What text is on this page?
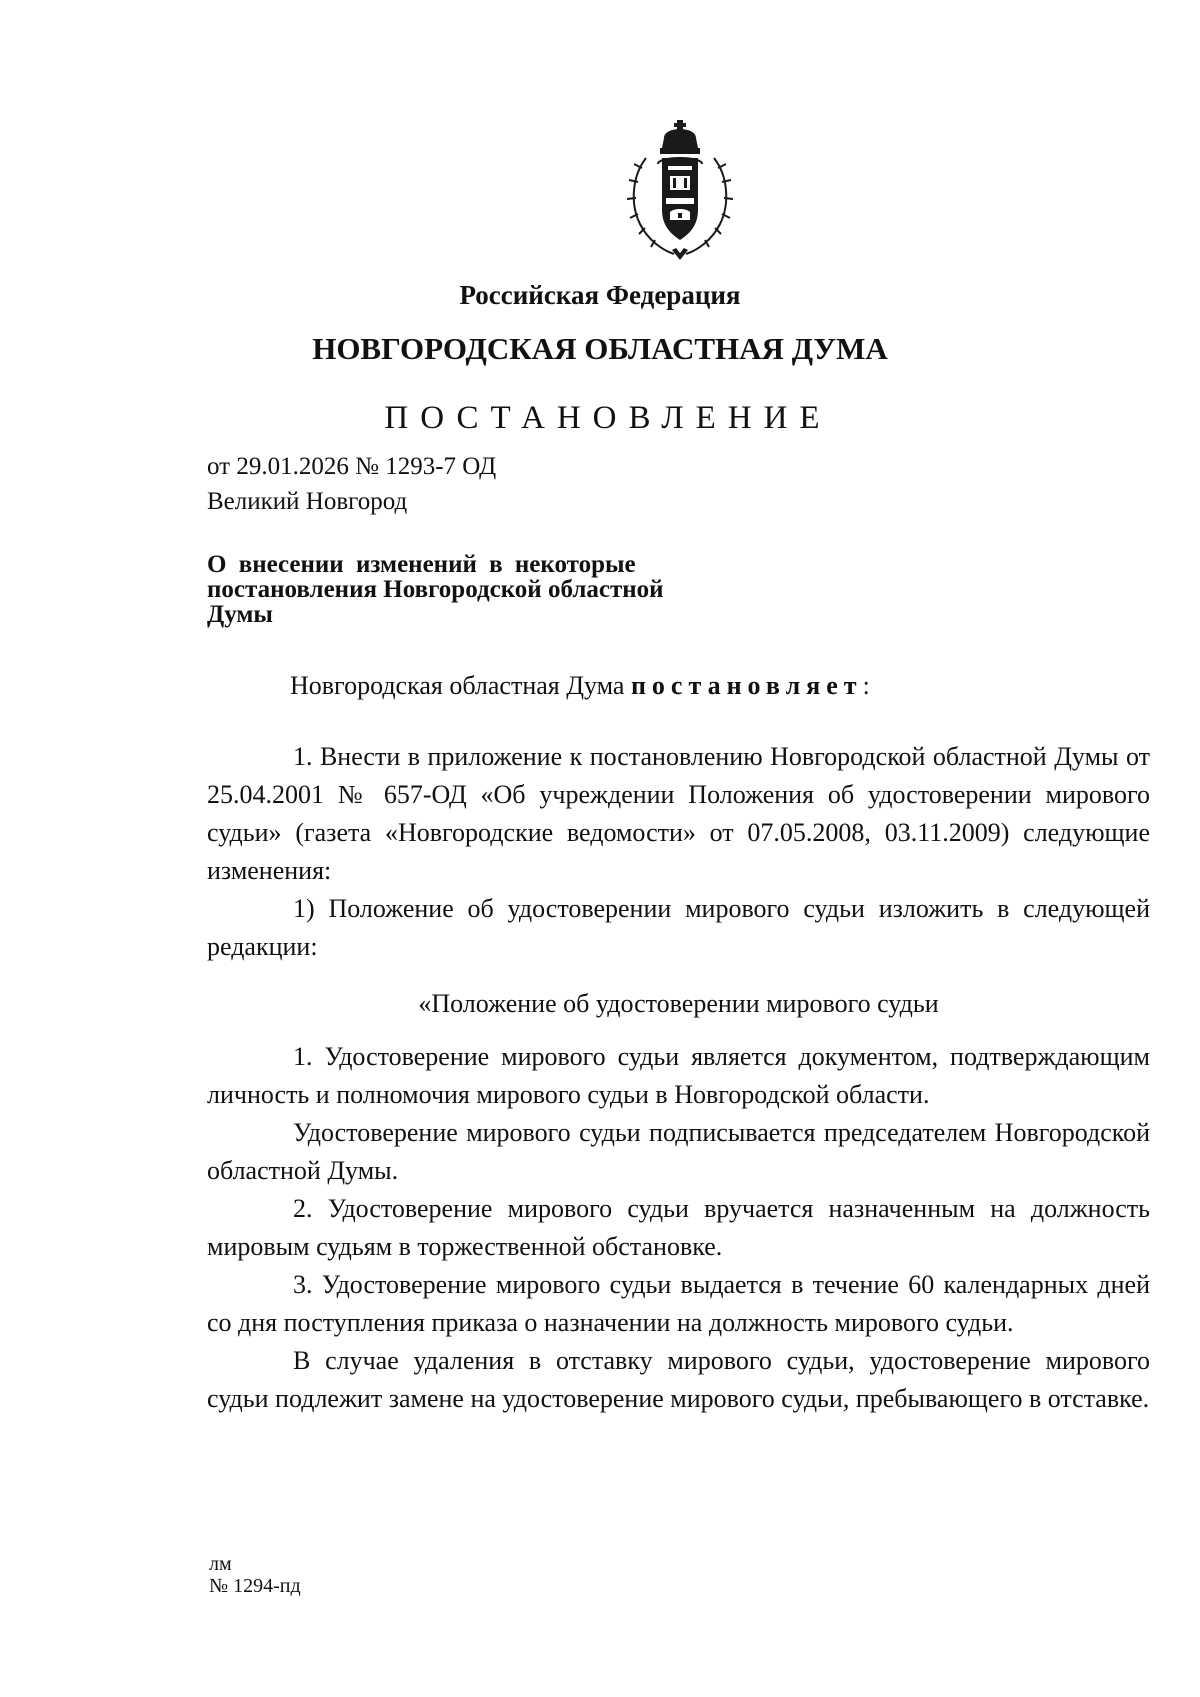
Российская Федерация
НОВГОРОДСКАЯ ОБЛАСТНАЯ ДУМА
ПОСТАНОВЛЕНИЕ
от 29.01.2026 № 1293-7 ОД
Великий Новгород
О внесении изменений в некоторые
постановления Новгородской областной
Думы
Новгородская областная Дума постановляет:

1. Внести в приложение к постановлению Новгородской областной Думы от 25.04.2001 № 657-ОД «Об учреждении Положения об удостоверении мирового судьи» (газета «Новгородские ведомости» от 07.05.2008, 03.11.2009) следующие изменения:

1) Положение об удостоверении мирового судьи изложить в следующей редакции:

«Положение об удостоверении мирового судьи

1. Удостоверение мирового судьи является документом, подтверждающим личность и полномочия мирового судьи в Новгородской области.

Удостоверение мирового судьи подписывается председателем Новгородской областной Думы.

2. Удостоверение мирового судьи вручается назначенным на должность мировым судьям в торжественной обстановке.

3. Удостоверение мирового судьи выдается в течение 60 календарных дней со дня поступления приказа о назначении на должность мирового судьи.

В случае удаления в отставку мирового судьи, удостоверение мирового судьи подлежит замене на удостоверение мирового судьи, пребывающего в отставке.

лм
№ 1294-пд
